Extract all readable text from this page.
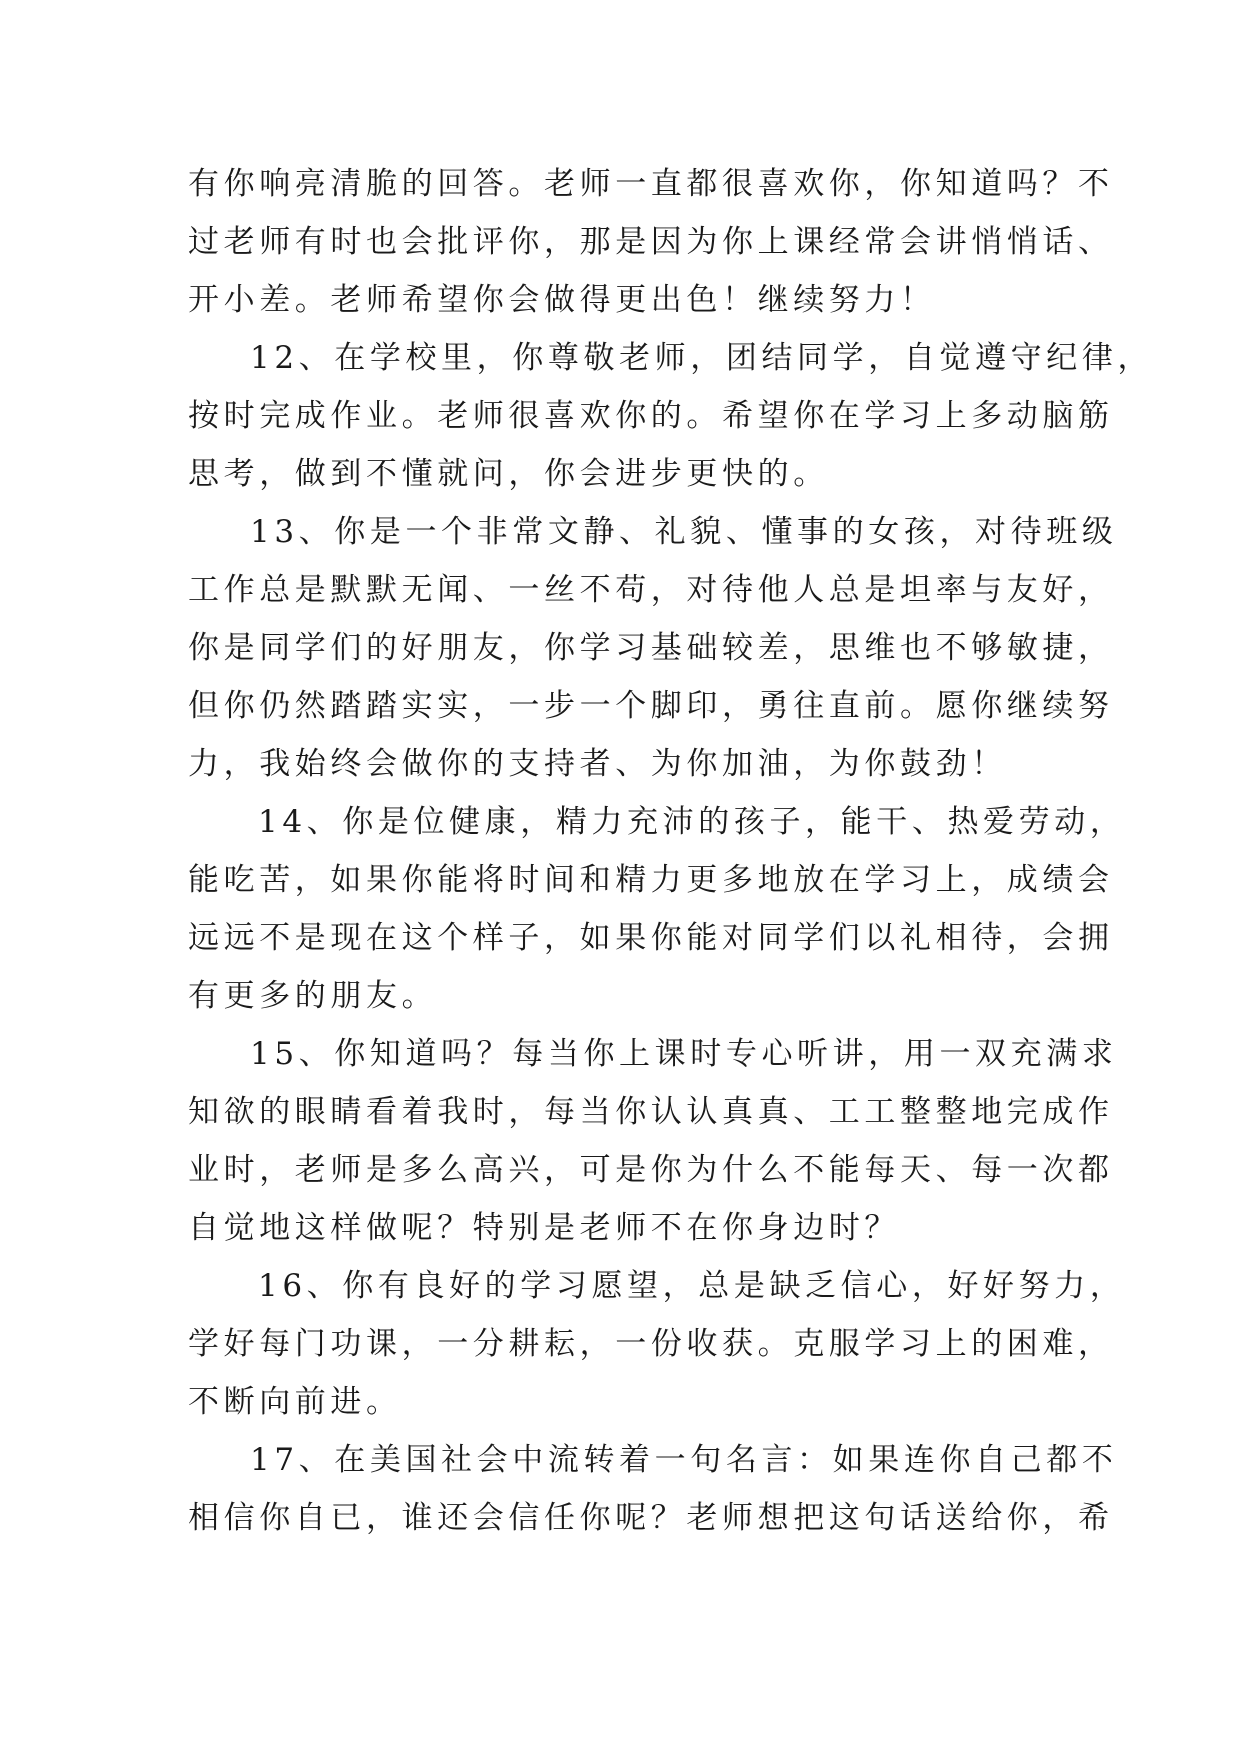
有你响亮清脆的回答。老师一直都很喜欢你，你知道吗？不
过老师有时也会批评你，那是因为你上课经常会讲悄悄话、
开小差。老师希望你会做得更出色！继续努力！
12、在学校里，你尊敬老师，团结同学，自觉遵守纪律，
按时完成作业。老师很喜欢你的。希望你在学习上多动脑筋
思考，做到不懂就问，你会进步更快的。
13、你是一个非常文静、礼貌、懂事的女孩，对待班级
工作总是默默无闻、一丝不苟，对待他人总是坦率与友好，
你是同学们的好朋友，你学习基础较差，思维也不够敏捷，
但你仍然踏踏实实，一步一个脚印，勇往直前。愿你继续努
力，我始终会做你的支持者、为你加油，为你鼓劲！
14、你是位健康，精力充沛的孩子，能干、热爱劳动，
能吃苦，如果你能将时间和精力更多地放在学习上，成绩会
远远不是现在这个样子，如果你能对同学们以礼相待，会拥
有更多的朋友。
15、你知道吗？每当你上课时专心听讲，用一双充满求
知欲的眼睛看着我时，每当你认认真真、工工整整地完成作
业时，老师是多么高兴，可是你为什么不能每天、每一次都
自觉地这样做呢？特别是老师不在你身边时？
16、你有良好的学习愿望，总是缺乏信心，好好努力，
学好每门功课，一分耕耘，一份收获。克服学习上的困难，
不断向前进。
17、在美国社会中流转着一句名言：如果连你自己都不
相信你自已，谁还会信任你呢？老师想把这句话送给你，希
